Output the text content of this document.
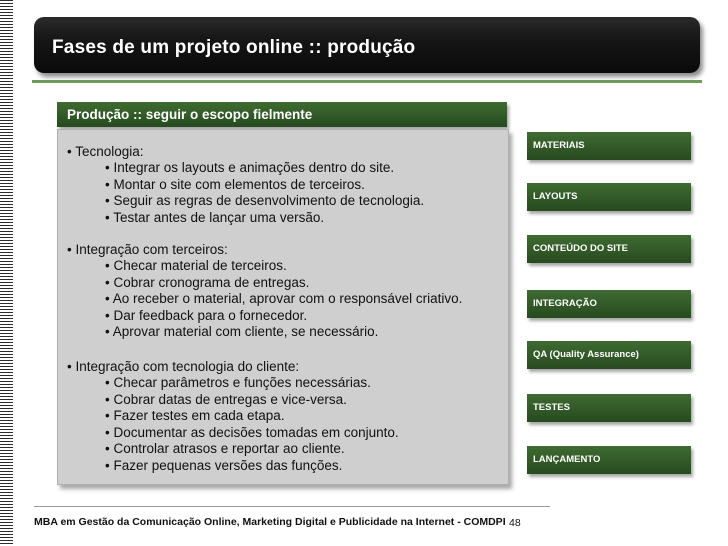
Fases de um projeto online :: produção
Produção :: seguir o escopo fielmente
• Tecnologia:
• Integrar os layouts e animações dentro do site.
• Montar o site com elementos de terceiros.
• Seguir as regras de desenvolvimento de tecnologia.
• Testar antes de lançar uma versão.
• Integração com terceiros:
• Checar material de terceiros.
• Cobrar cronograma de entregas.
• Ao receber o material, aprovar com o responsável criativo.
• Dar feedback para o fornecedor.
• Aprovar material com cliente, se necessário.
• Integração com tecnologia do cliente:
• Checar parâmetros e funções necessárias.
• Cobrar datas de entregas e vice-versa.
• Fazer testes em cada etapa.
• Documentar as decisões tomadas em conjunto.
• Controlar atrasos e reportar ao cliente.
• Fazer pequenas versões das funções.
MATERIAIS
LAYOUTS
CONTEÚDO DO SITE
INTEGRAÇÃO
QA (Quality Assurance)
TESTES
LANÇAMENTO
MBA em Gestão da Comunicação Online, Marketing Digital e Publicidade na Internet - COMDPI 48
